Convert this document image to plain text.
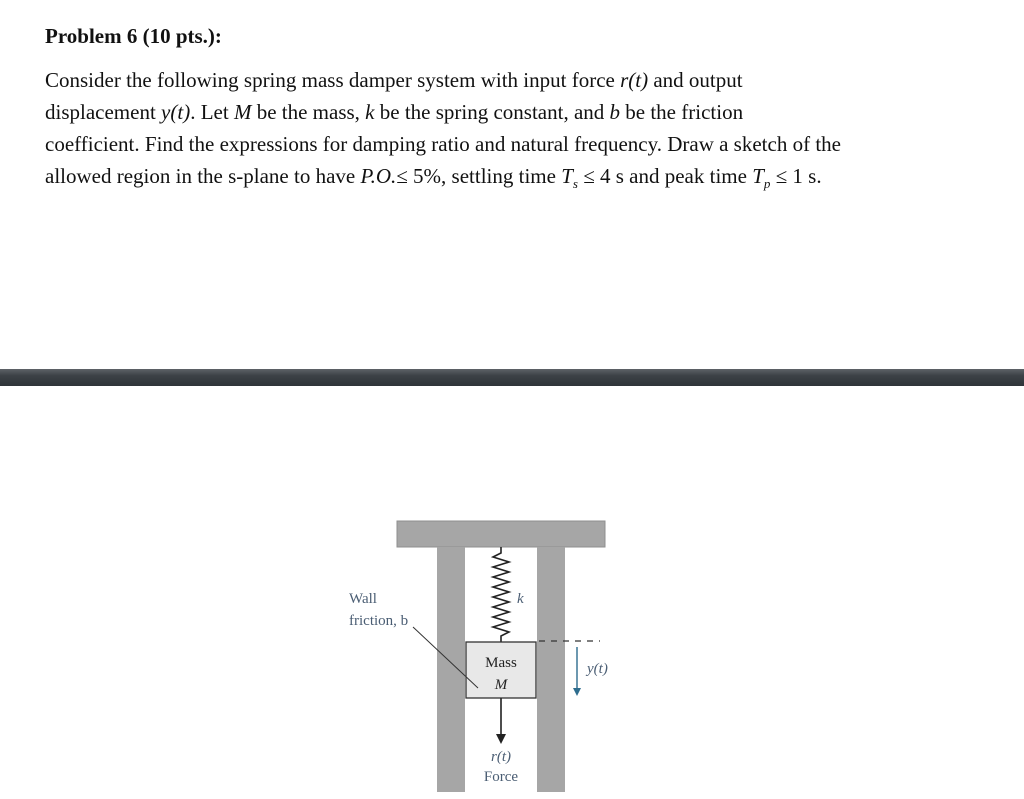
Problem 6 (10 pts.):

Consider the following spring mass damper system with input force r(t) and output
displacement y(t). Let M be the mass, k be the spring constant, and b be the friction
coefficient. Find the expressions for damping ratio and natural frequency. Draw a sketch of the
allowed region in the s-plane to have P.O.≤ 5%, settling time $T_s \le 4$ s and peak time $T_p \le 1$ s.

Wall
friction, b
k
Mass
M
y(t)
r(t)
Force
